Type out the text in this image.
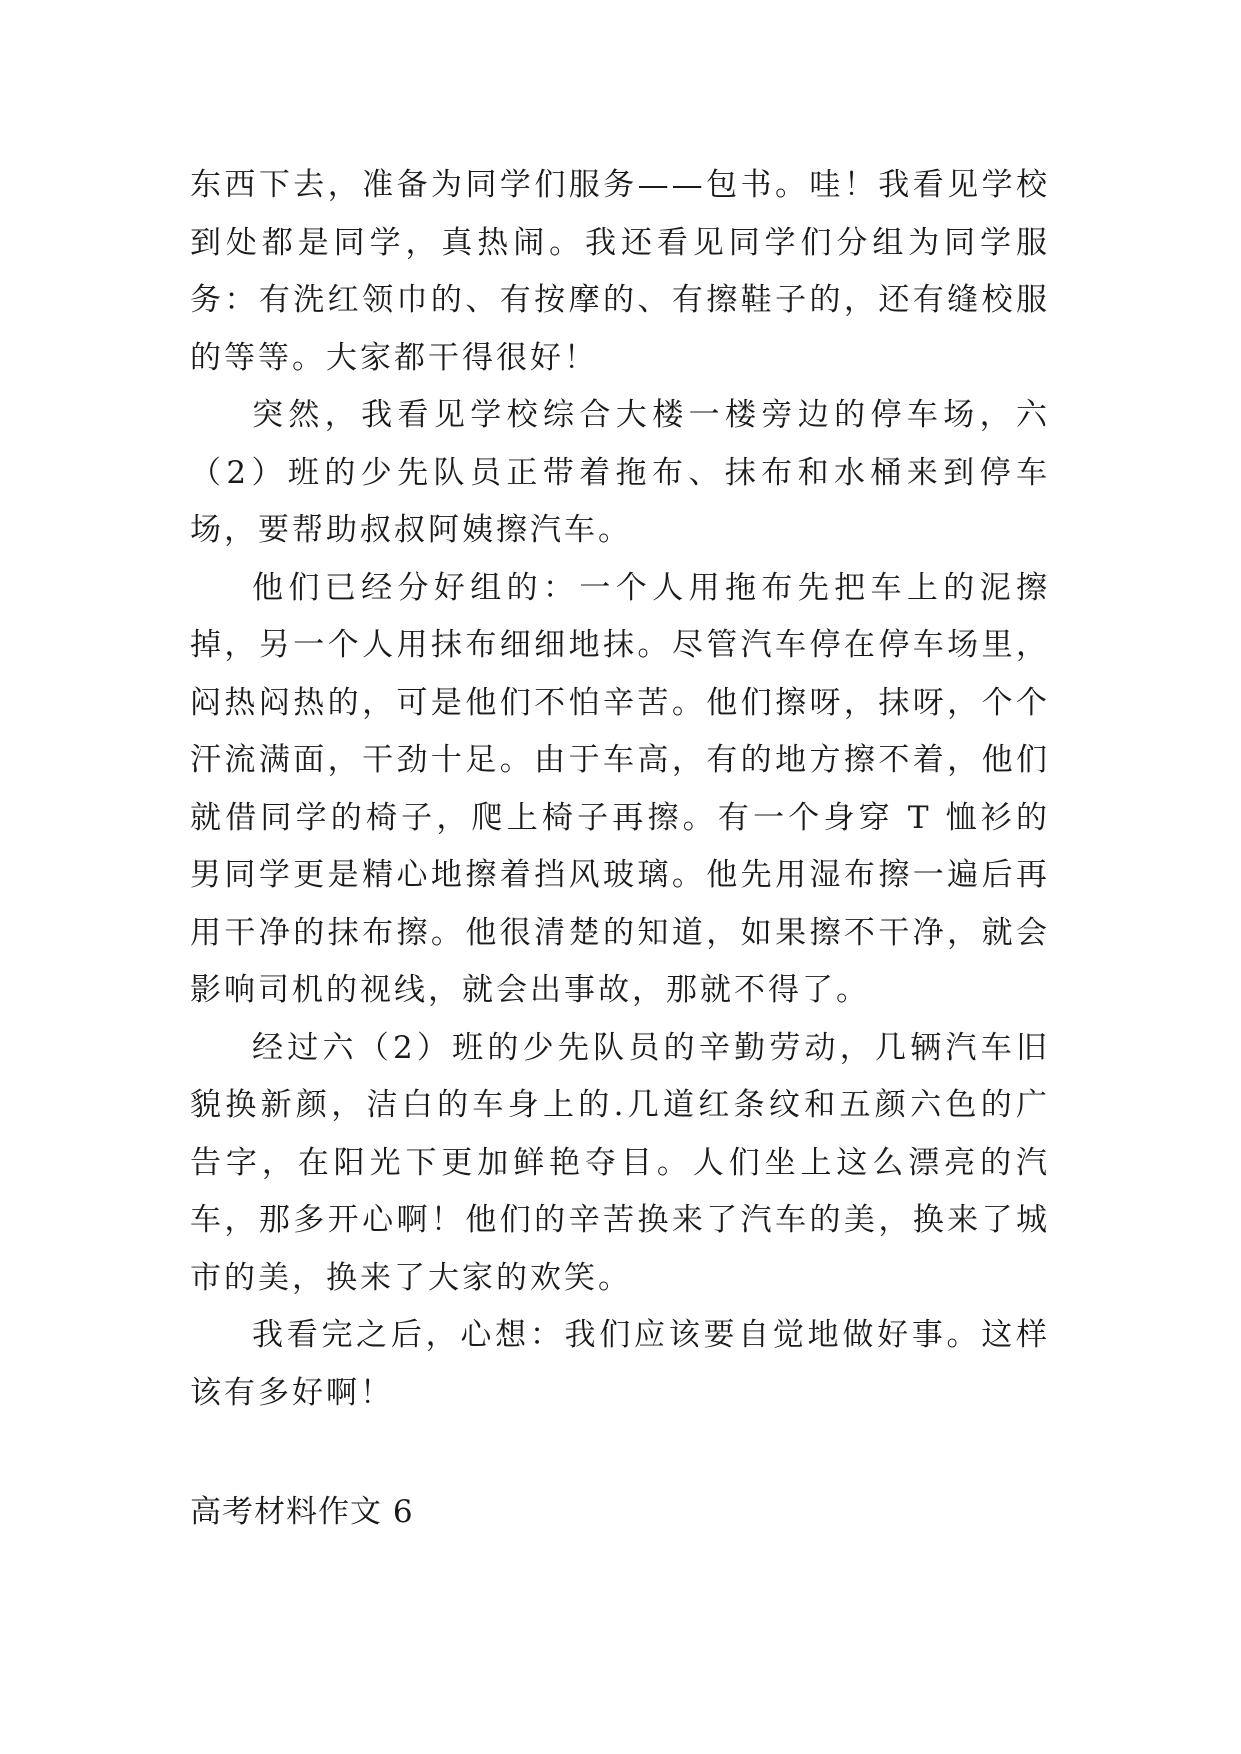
东西下去，准备为同学们服务——包书。哇！我看见学校到处都是同学，真热闹。我还看见同学们分组为同学服务：有洗红领巾的、有按摩的、有擦鞋子的，还有缝校服的等等。大家都干得很好！

突然，我看见学校综合大楼一楼旁边的停车场，六（2）班的少先队员正带着拖布、抹布和水桶来到停车场，要帮助叔叔阿姨擦汽车。

他们已经分好组的：一个人用拖布先把车上的泥擦掉，另一个人用抹布细细地抹。尽管汽车停在停车场里，闷热闷热的，可是他们不怕辛苦。他们擦呀，抹呀，个个汗流满面，干劲十足。由于车高，有的地方擦不着，他们就借同学的椅子，爬上椅子再擦。有一个身穿 T 恤衫的男同学更是精心地擦着挡风玻璃。他先用湿布擦一遍后再用干净的抹布擦。他很清楚的知道，如果擦不干净，就会影响司机的视线，就会出事故，那就不得了。

经过六（2）班的少先队员的辛勤劳动，几辆汽车旧貌换新颜，洁白的车身上的.几道红条纹和五颜六色的广告字，在阳光下更加鲜艳夺目。人们坐上这么漂亮的汽车，那多开心啊！他们的辛苦换来了汽车的美，换来了城市的美，换来了大家的欢笑。

我看完之后，心想：我们应该要自觉地做好事。这样该有多好啊！

高考材料作文 6
